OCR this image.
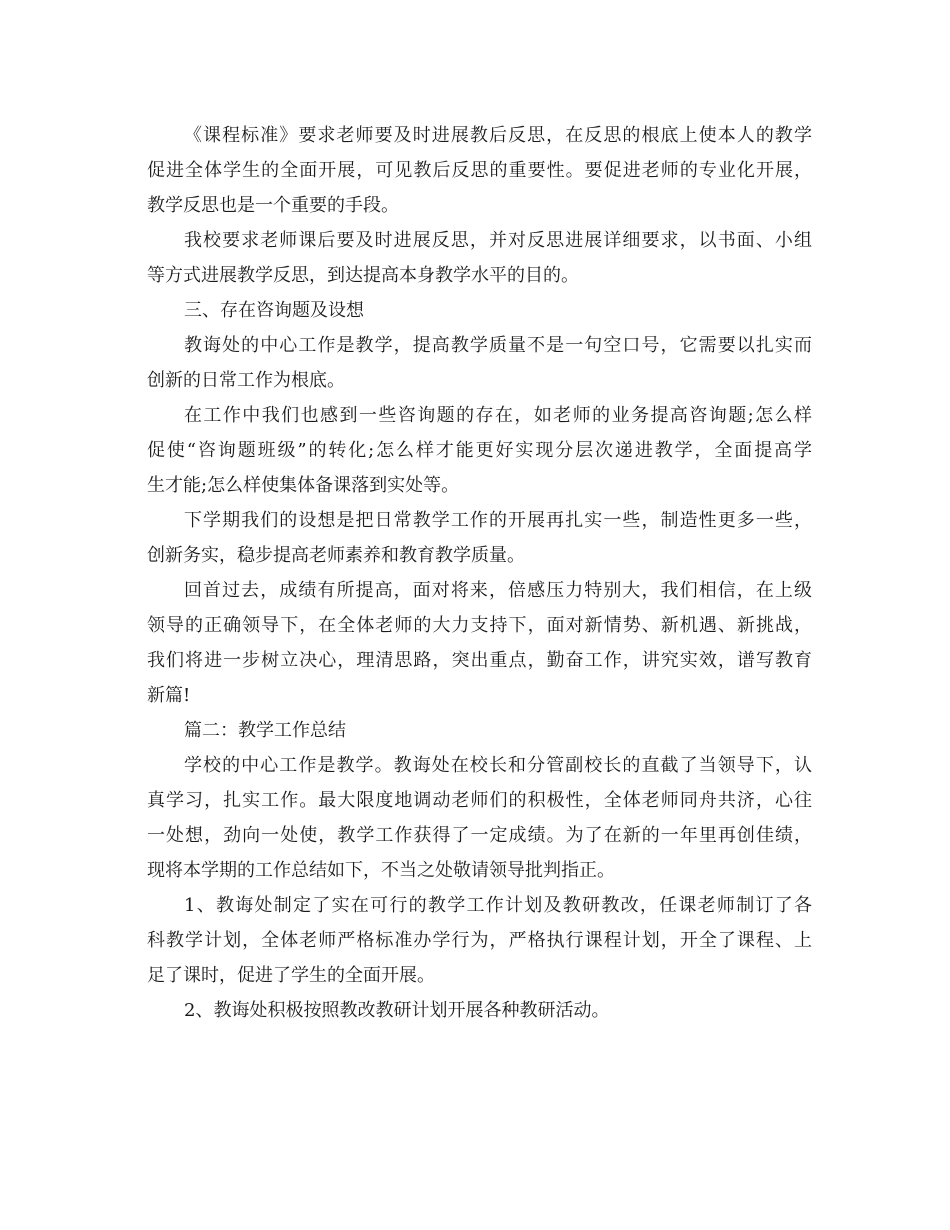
《课程标准》要求老师要及时进展教后反思，在反思的根底上使本人的教学
促进全体学生的全面开展，可见教后反思的重要性。要促进老师的专业化开展，
教学反思也是一个重要的手段。
我校要求老师课后要及时进展反思，并对反思进展详细要求，以书面、小组
等方式进展教学反思，到达提高本身教学水平的目的。
三、存在咨询题及设想
教诲处的中心工作是教学，提高教学质量不是一句空口号，它需要以扎实而
创新的日常工作为根底。
在工作中我们也感到一些咨询题的存在，如老师的业务提高咨询题;怎么样
促使“咨询题班级”的转化;怎么样才能更好实现分层次递进教学，全面提高学
生才能;怎么样使集体备课落到实处等。
下学期我们的设想是把日常教学工作的开展再扎实一些，制造性更多一些，
创新务实，稳步提高老师素养和教育教学质量。
回首过去，成绩有所提高，面对将来，倍感压力特别大，我们相信，在上级
领导的正确领导下，在全体老师的大力支持下，面对新情势、新机遇、新挑战，
我们将进一步树立决心，理清思路，突出重点，勤奋工作，讲究实效，谱写教育
新篇!
篇二：教学工作总结
学校的中心工作是教学。教诲处在校长和分管副校长的直截了当领导下，认
真学习，扎实工作。最大限度地调动老师们的积极性，全体老师同舟共济，心往
一处想，劲向一处使，教学工作获得了一定成绩。为了在新的一年里再创佳绩，
现将本学期的工作总结如下，不当之处敬请领导批判指正。
1、教诲处制定了实在可行的教学工作计划及教研教改，任课老师制订了各
科教学计划，全体老师严格标准办学行为，严格执行课程计划，开全了课程、上
足了课时，促进了学生的全面开展。
2、教诲处积极按照教改教研计划开展各种教研活动。
